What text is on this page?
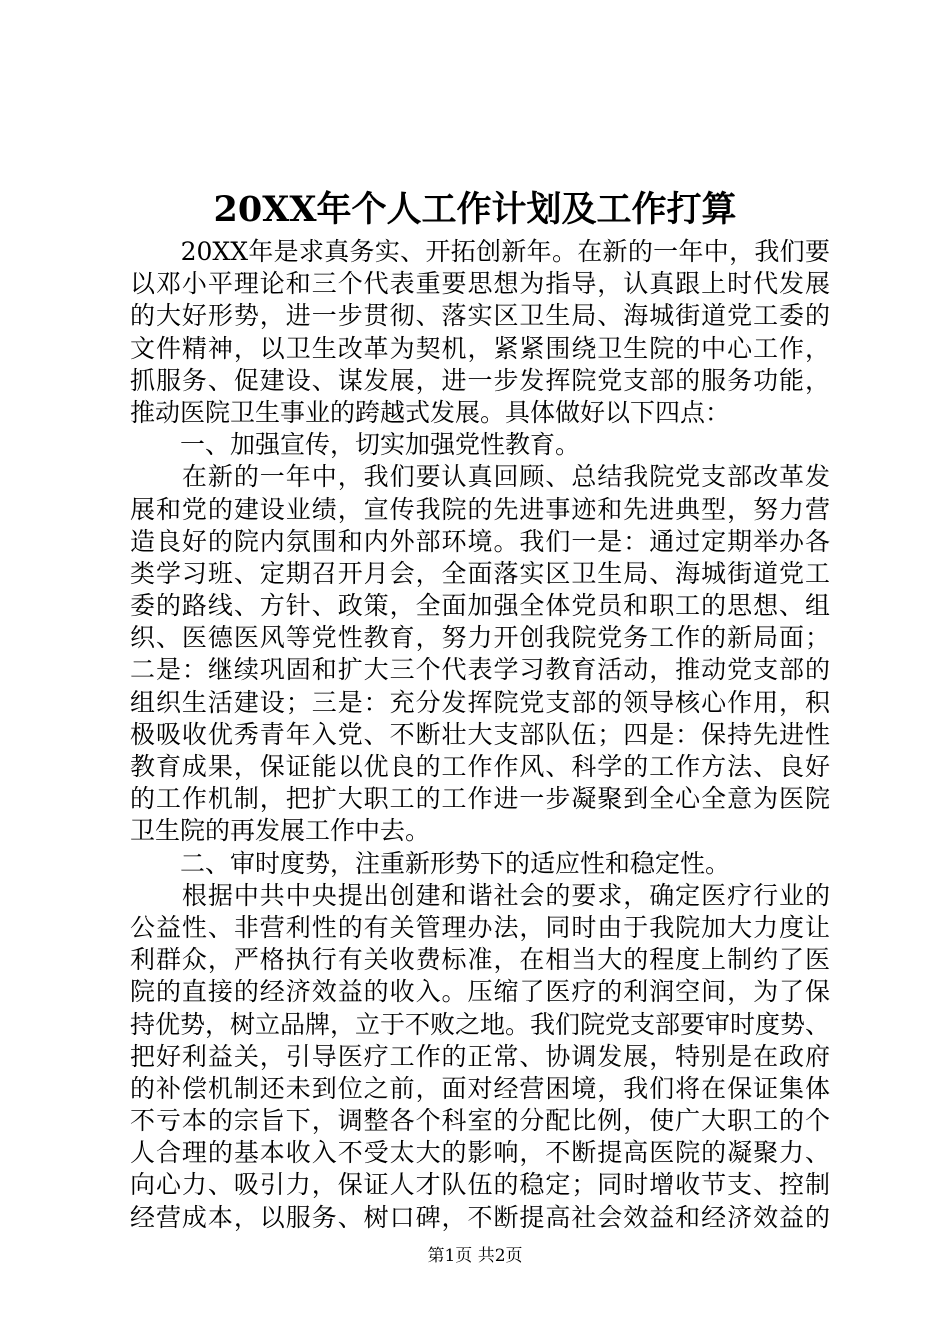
20XX年个人工作计划及工作打算
　　20XX年是求真务实、开拓创新年。在新的一年中，我们要
以邓小平理论和三个代表重要思想为指导，认真跟上时代发展
的大好形势，进一步贯彻、落实区卫生局、海城街道党工委的
文件精神，以卫生改革为契机，紧紧围绕卫生院的中心工作，
抓服务、促建设、谋发展，进一步发挥院党支部的服务功能，
推动医院卫生事业的跨越式发展。具体做好以下四点：
　　一、加强宣传，切实加强党性教育。
　　在新的一年中，我们要认真回顾、总结我院党支部改革发
展和党的建设业绩，宣传我院的先进事迹和先进典型，努力营
造良好的院内氛围和内外部环境。我们一是：通过定期举办各
类学习班、定期召开月会，全面落实区卫生局、海城街道党工
委的路线、方针、政策，全面加强全体党员和职工的思想、组
织、医德医风等党性教育，努力开创我院党务工作的新局面；
二是：继续巩固和扩大三个代表学习教育活动，推动党支部的
组织生活建设；三是：充分发挥院党支部的领导核心作用，积
极吸收优秀青年入党、不断壮大支部队伍；四是：保持先进性
教育成果，保证能以优良的工作作风、科学的工作方法、良好
的工作机制，把扩大职工的工作进一步凝聚到全心全意为医院
卫生院的再发展工作中去。
　　二、审时度势，注重新形势下的适应性和稳定性。
　　根据中共中央提出创建和谐社会的要求，确定医疗行业的
公益性、非营利性的有关管理办法，同时由于我院加大力度让
利群众，严格执行有关收费标准，在相当大的程度上制约了医
院的直接的经济效益的收入。压缩了医疗的利润空间，为了保
持优势，树立品牌，立于不败之地。我们院党支部要审时度势、
把好利益关，引导医疗工作的正常、协调发展，特别是在政府
的补偿机制还未到位之前，面对经营困境，我们将在保证集体
不亏本的宗旨下，调整各个科室的分配比例，使广大职工的个
人合理的基本收入不受太大的影响，不断提高医院的凝聚力、
向心力、吸引力，保证人才队伍的稳定；同时增收节支、控制
经营成本，以服务、树口碑，不断提高社会效益和经济效益的
第1页 共2页
